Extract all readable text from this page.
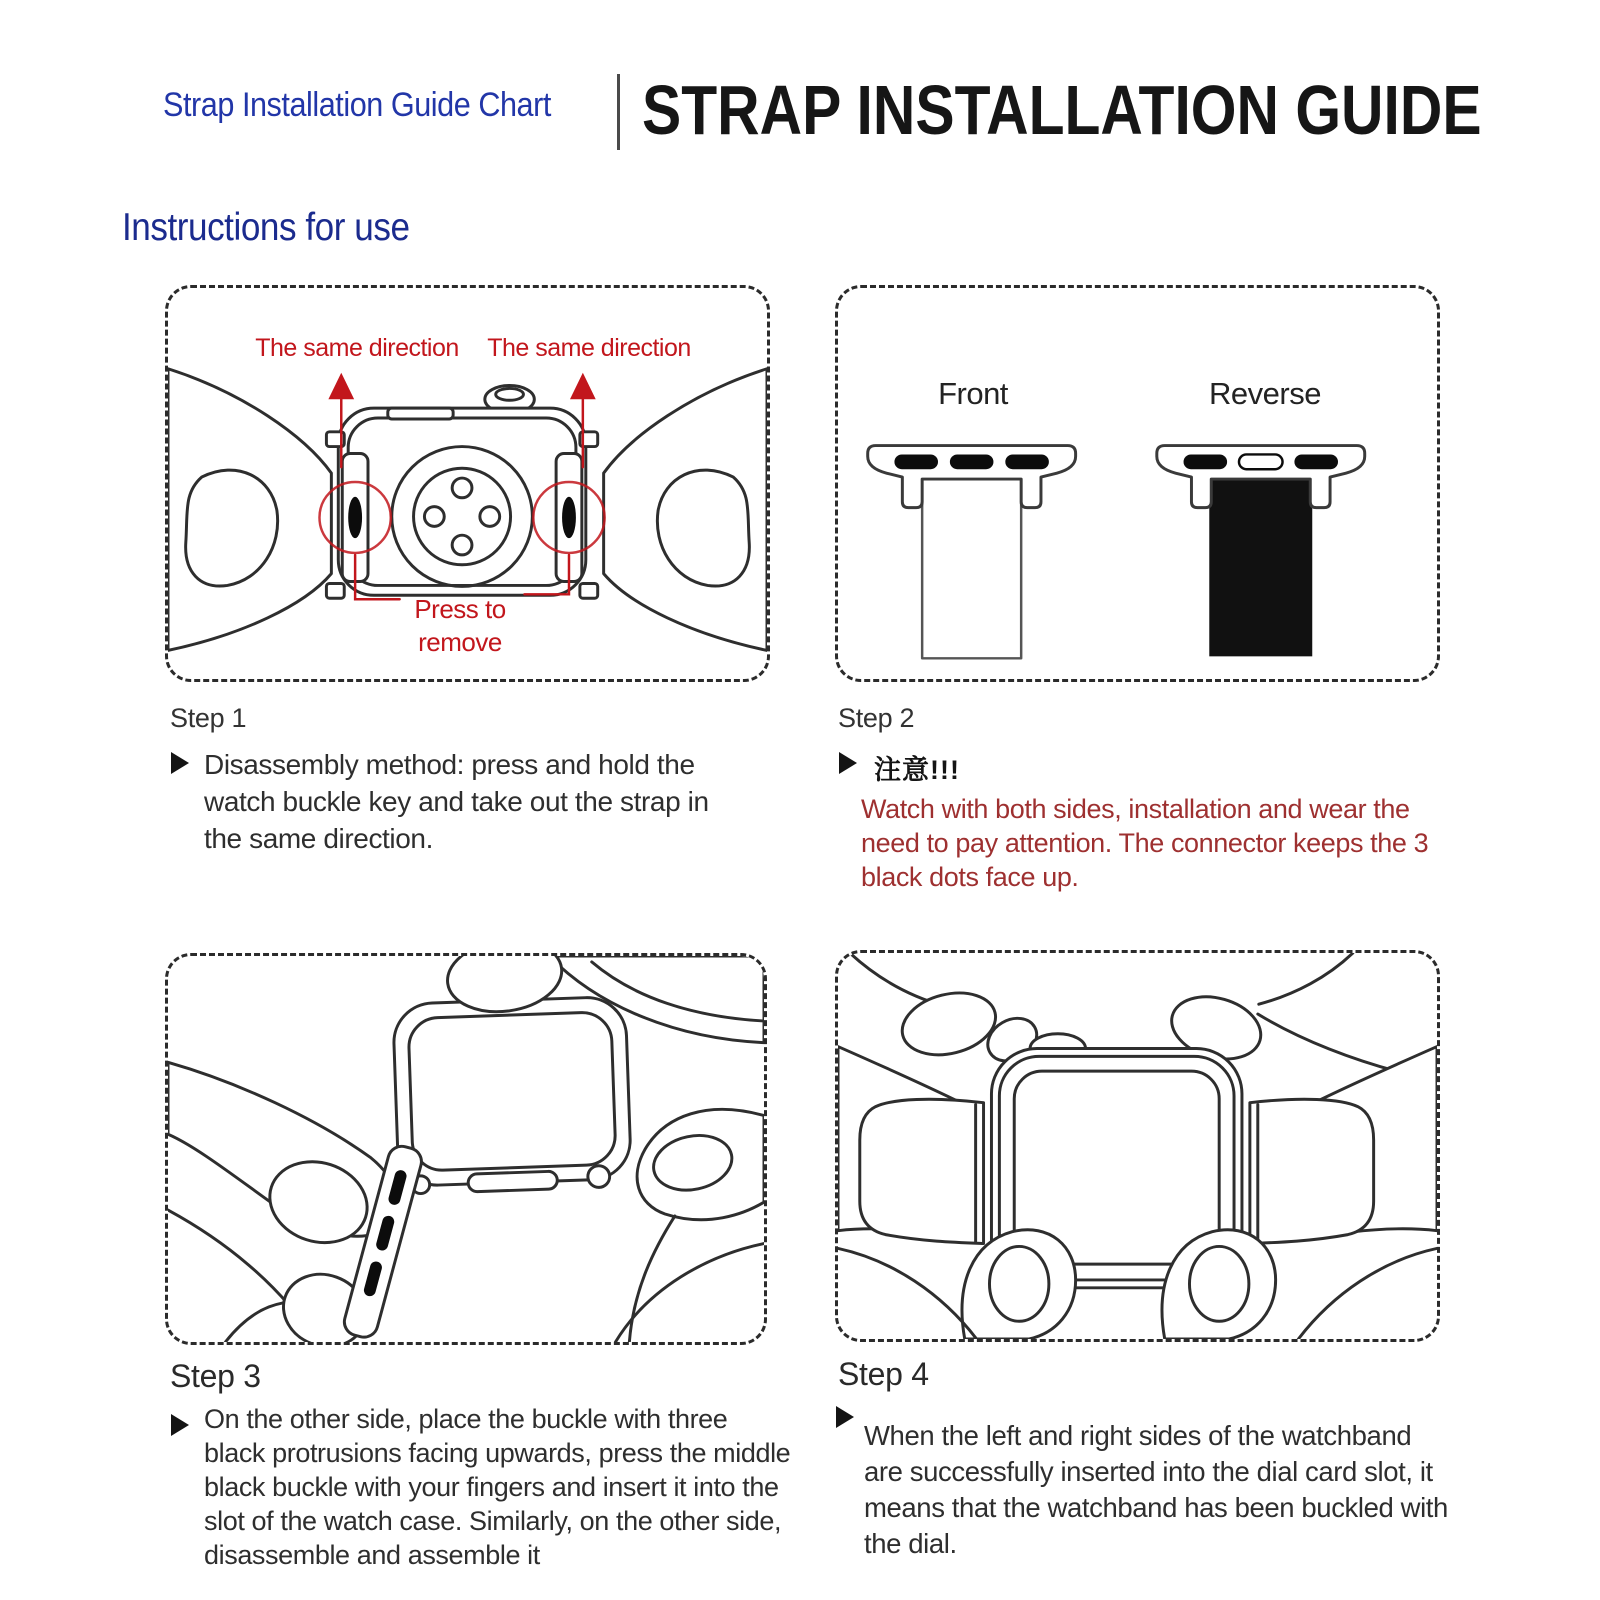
Strap Installation Guide Chart	STRAP INSTALLATION GUIDE
Instructions for use
The same direction	The same direction
Press to remove
Front	Reverse
Step 1
Disassembly method: press and hold the watch buckle key and take out the strap in the same direction.
Step 2
注意!!!
Watch with both sides, installation and wear the need to pay attention. The connector keeps the 3 black dots face up.
Step 3
On the other side, place the buckle with three black protrusions facing upwards, press the middle black buckle with your fingers and insert it into the slot of the watch case. Similarly, on the other side, disassemble and assemble it
Step 4
When the left and right sides of the watchband are successfully inserted into the dial card slot, it means that the watchband has been buckled with the dial.
